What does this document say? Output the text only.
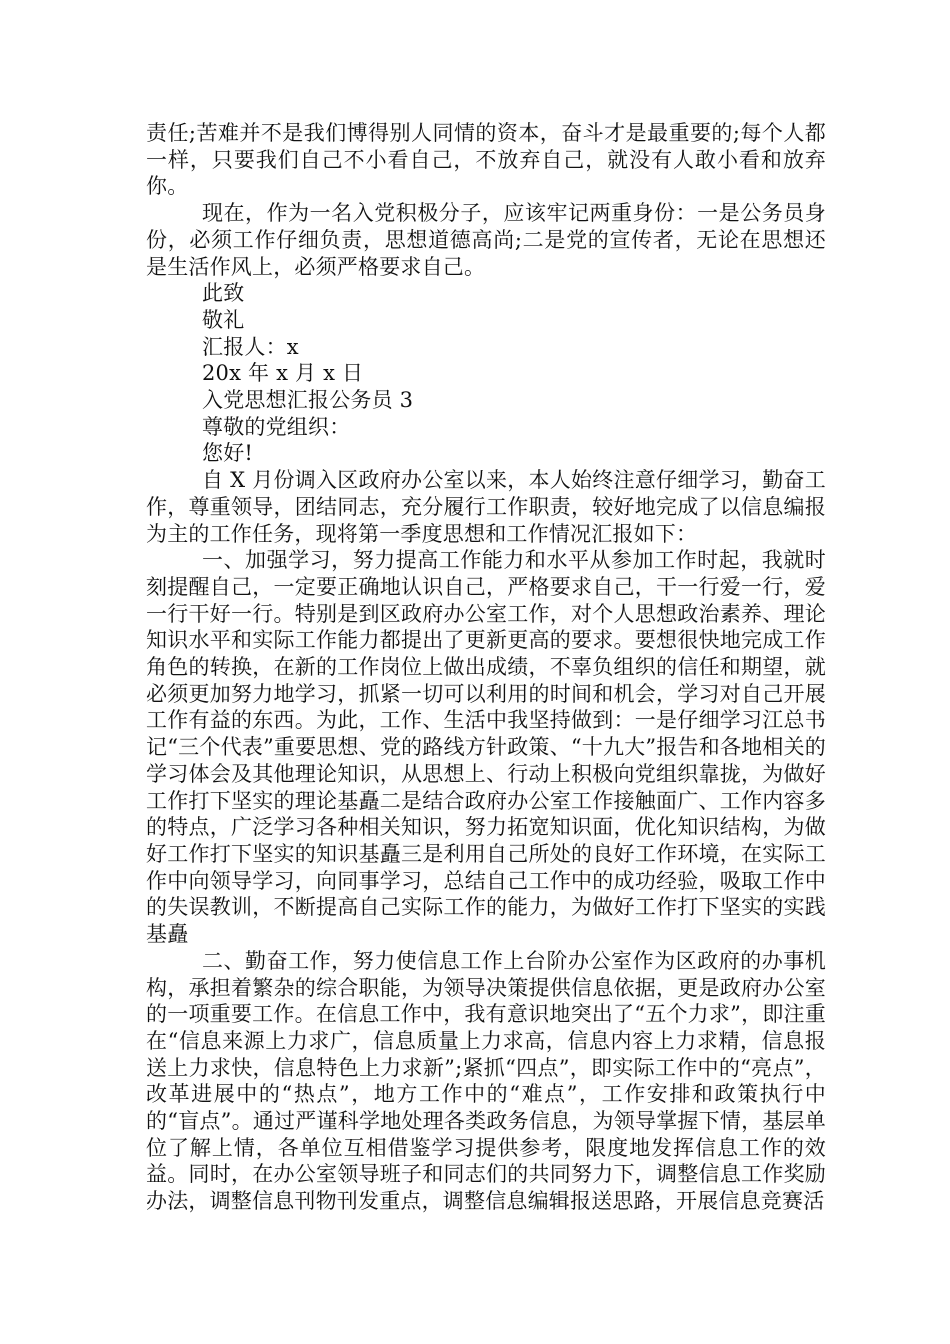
责任;苦难并不是我们博得别人同情的资本，奋斗才是最重要的;每个人都一样，只要我们自己不小看自己，不放弃自己，就没有人敢小看和放弃你。

现在，作为一名入党积极分子，应该牢记两重身份：一是公务员身份，必须工作仔细负责，思想道德高尚;二是党的宣传者，无论在思想还是生活作风上，必须严格要求自己。

此致

敬礼

汇报人：x

20x 年 x 月 x 日

入党思想汇报公务员 3

尊敬的党组织：

您好!

自 X 月份调入区政府办公室以来，本人始终注意仔细学习，勤奋工作，尊重领导，团结同志，充分履行工作职责，较好地完成了以信息编报为主的工作任务，现将第一季度思想和工作情况汇报如下：

一、加强学习，努力提高工作能力和水平从参加工作时起，我就时刻提醒自己，一定要正确地认识自己，严格要求自己，干一行爱一行，爱一行干好一行。特别是到区政府办公室工作，对个人思想政治素养、理论知识水平和实际工作能力都提出了更新更高的要求。要想很快地完成工作角色的转换，在新的工作岗位上做出成绩，不辜负组织的信任和期望，就必须更加努力地学习，抓紧一切可以利用的时间和机会，学习对自己开展工作有益的东西。为此，工作、生活中我坚持做到：一是仔细学习江总书记“三个代表”重要思想、党的路线方针政策、“十九大”报告和各地相关的学习体会及其他理论知识，从思想上、行动上积极向党组织靠拢，为做好工作打下坚实的理论基矗二是结合政府办公室工作接触面广、工作内容多的特点，广泛学习各种相关知识，努力拓宽知识面，优化知识结构，为做好工作打下坚实的知识基矗三是利用自己所处的良好工作环境，在实际工作中向领导学习，向同事学习，总结自己工作中的成功经验，吸取工作中的失误教训，不断提高自己实际工作的能力，为做好工作打下坚实的实践基矗

二、勤奋工作，努力使信息工作上台阶办公室作为区政府的办事机构，承担着繁杂的综合职能，为领导决策提供信息依据，更是政府办公室的一项重要工作。在信息工作中，我有意识地突出了“五个力求”，即注重在“信息来源上力求广，信息质量上力求高，信息内容上力求精，信息报送上力求快，信息特色上力求新”;紧抓“四点”，即实际工作中的“亮点”，改革进展中的“热点”，地方工作中的“难点”，工作安排和政策执行中的“盲点”。通过严谨科学地处理各类政务信息，为领导掌握下情，基层单位了解上情，各单位互相借鉴学习提供参考，限度地发挥信息工作的效益。同时，在办公室领导班子和同志们的共同努力下，调整信息工作奖励办法，调整信息刊物刊发重点，调整信息编辑报送思路，开展信息竞赛活
